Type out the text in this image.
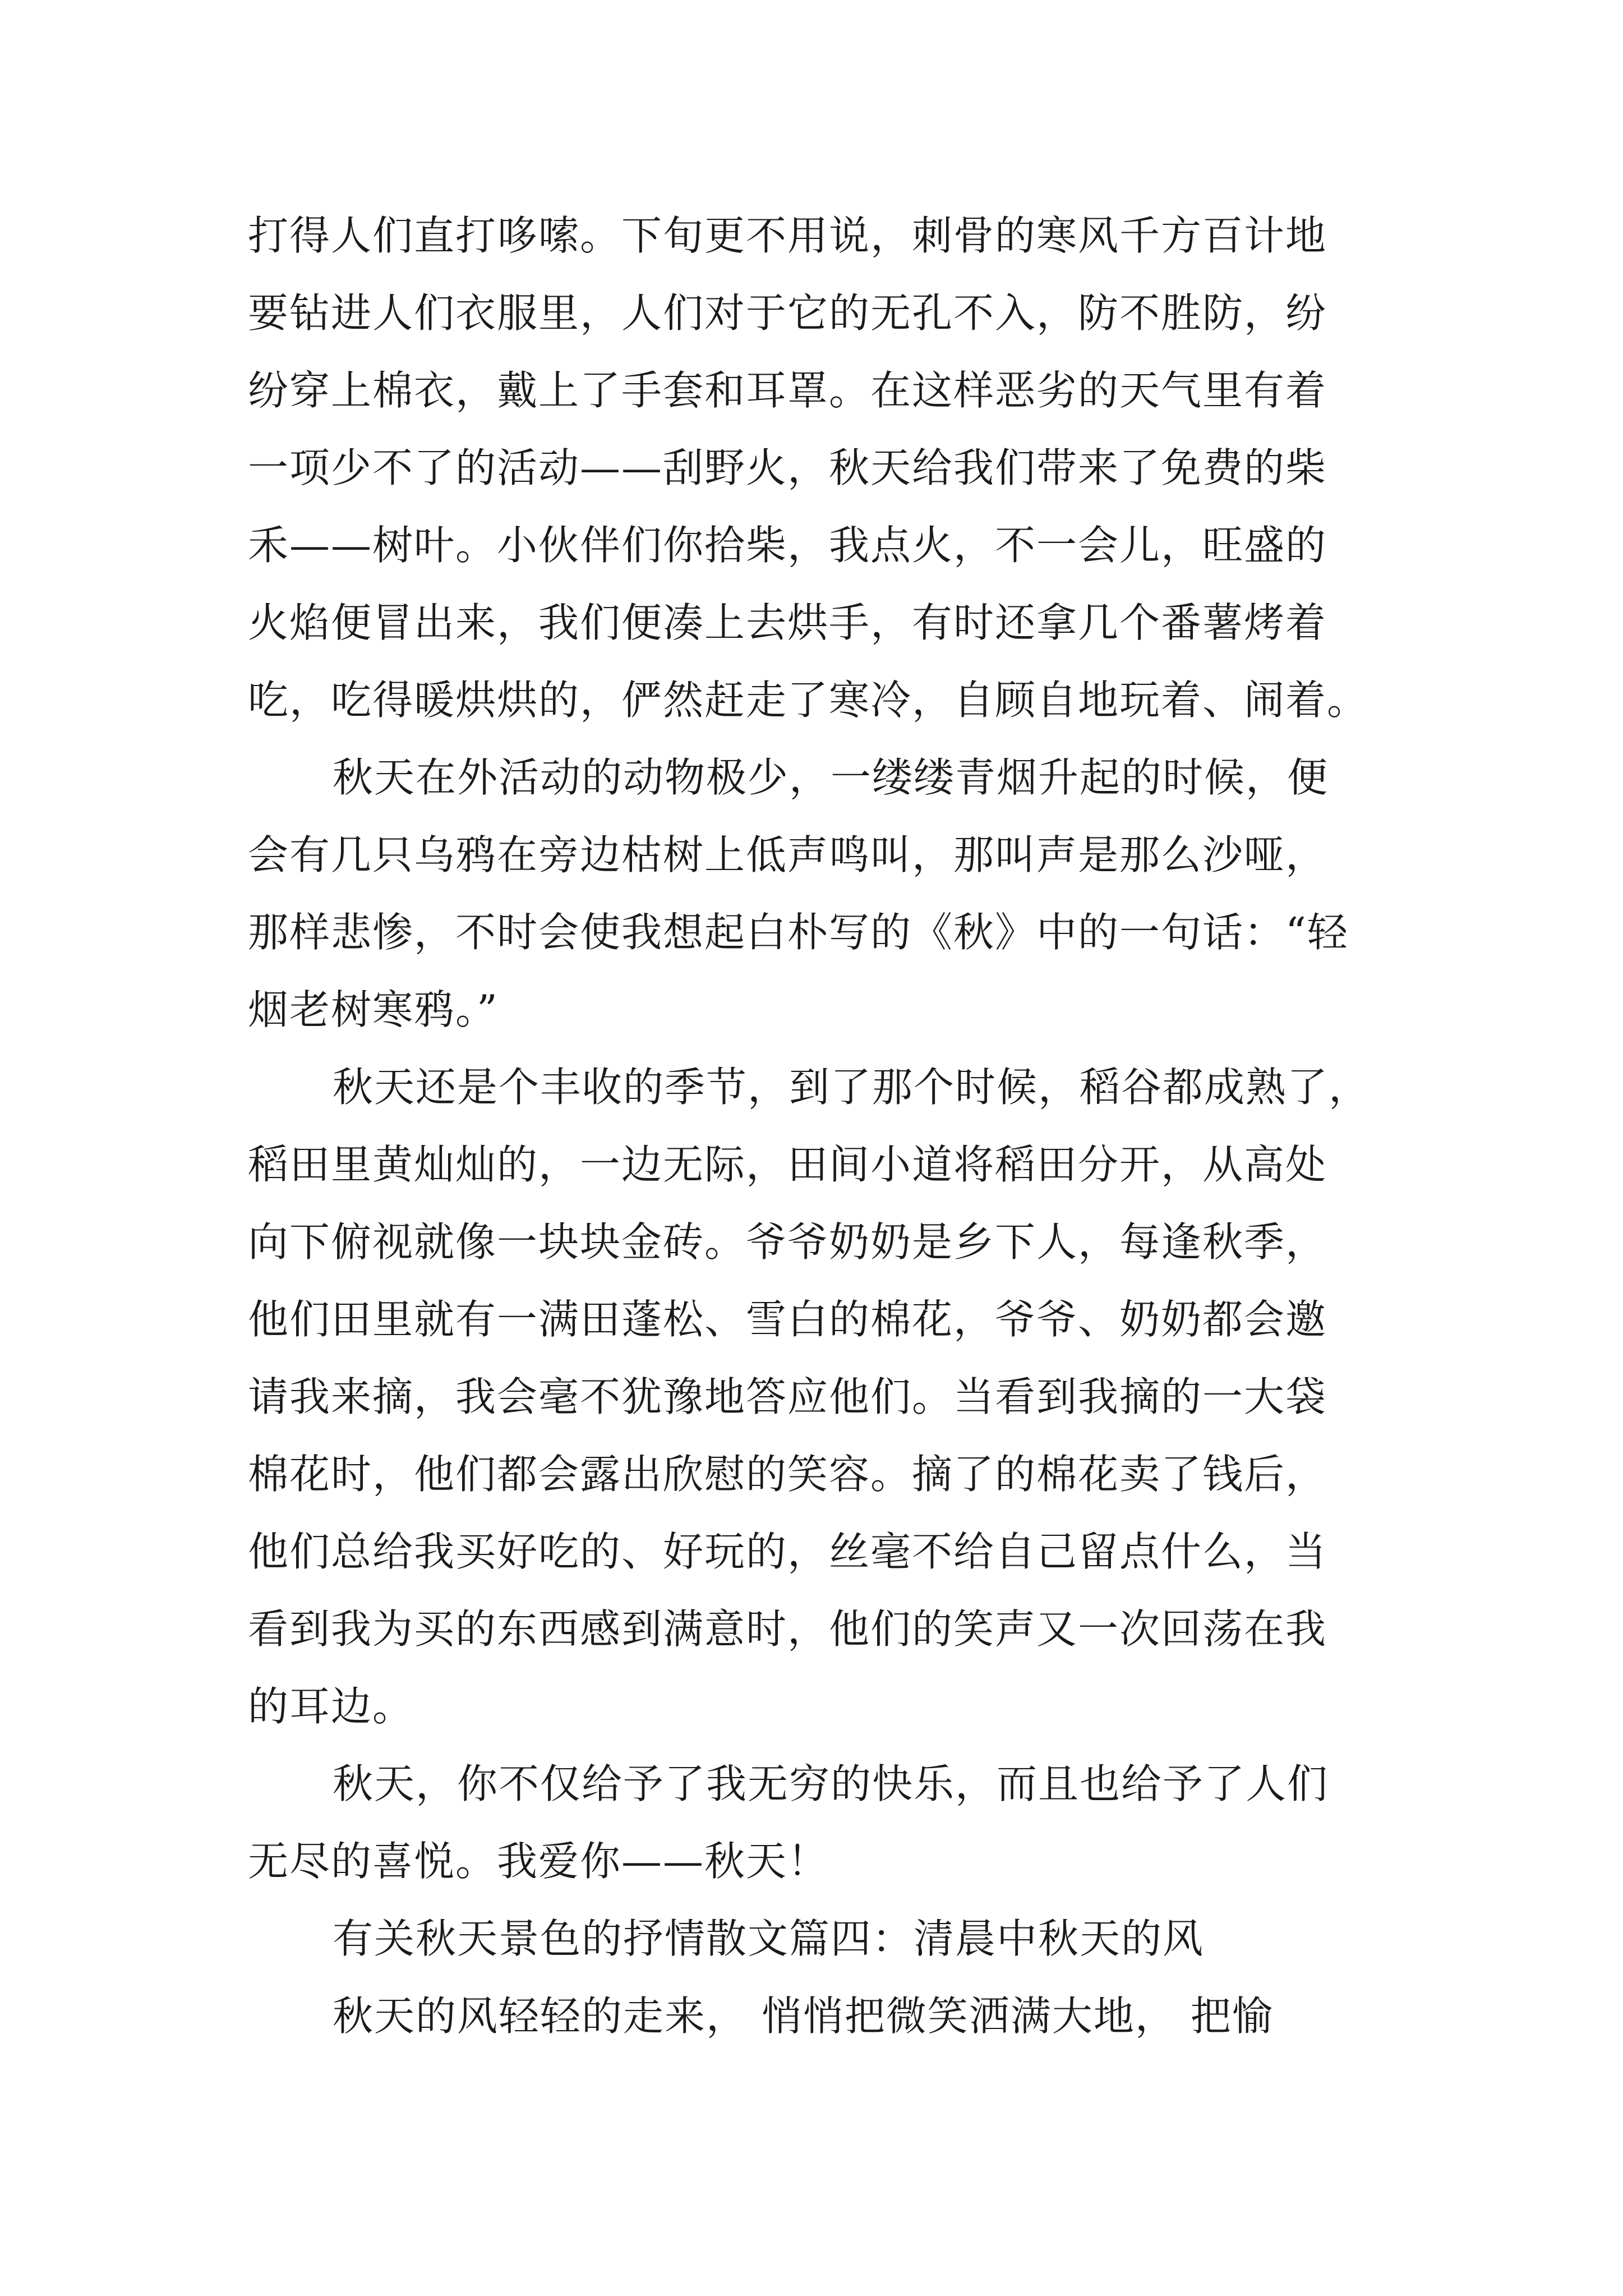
打得人们直打哆嗦。下旬更不用说，刺骨的寒风千方百计地
要钻进人们衣服里，人们对于它的无孔不入，防不胜防，纷
纷穿上棉衣，戴上了手套和耳罩。在这样恶劣的天气里有着
一项少不了的活动——刮野火，秋天给我们带来了免费的柴
禾——树叶。小伙伴们你拾柴，我点火，不一会儿，旺盛的
火焰便冒出来，我们便凑上去烘手，有时还拿几个番薯烤着
吃，吃得暖烘烘的，俨然赶走了寒冷，自顾自地玩着、闹着。
秋天在外活动的动物极少，一缕缕青烟升起的时候，便
会有几只乌鸦在旁边枯树上低声鸣叫，那叫声是那么沙哑，
那样悲惨，不时会使我想起白朴写的《秋》中的一句话：“轻
烟老树寒鸦。”
秋天还是个丰收的季节，到了那个时候，稻谷都成熟了，
稻田里黄灿灿的，一边无际，田间小道将稻田分开，从高处
向下俯视就像一块块金砖。爷爷奶奶是乡下人，每逢秋季，
他们田里就有一满田蓬松、雪白的棉花，爷爷、奶奶都会邀
请我来摘，我会毫不犹豫地答应他们。当看到我摘的一大袋
棉花时，他们都会露出欣慰的笑容。摘了的棉花卖了钱后，
他们总给我买好吃的、好玩的，丝毫不给自己留点什么，当
看到我为买的东西感到满意时，他们的笑声又一次回荡在我
的耳边。
秋天，你不仅给予了我无穷的快乐，而且也给予了人们
无尽的喜悦。我爱你——秋天！
有关秋天景色的抒情散文篇四：清晨中秋天的风
秋天的风轻轻的走来， 悄悄把微笑洒满大地， 把愉
